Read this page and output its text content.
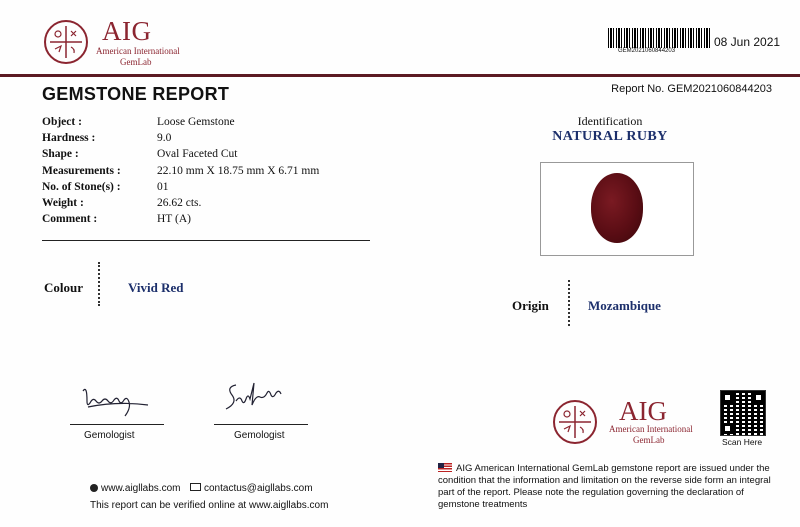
AIG
American International
GemLab
GEM2021060844203
08 Jun 2021
GEMSTONE REPORT	Report No. GEM2021060844203
Object :	Loose Gemstone
Hardness :	9.0
Shape :	Oval Faceted Cut
Measurements :	22.10 mm X 18.75 mm X 6.71 mm
No. of Stone(s) :	01
Weight :	26.62 cts.
Comment :	HT (A)
Colour	Vivid Red
Identification
NATURAL RUBY
Origin	Mozambique
Gemologist	Gemologist
AIG
American International
GemLab	Scan Here
www.aigllabs.com	contactus@aigllabs.com
This report can be verified online at www.aigllabs.com
AIG American International GemLab gemstone report are issued under the condition that the information and limitation on the reverse side form an integral part of the report. Please note the regulation governing the declaration of gemstone treatments
